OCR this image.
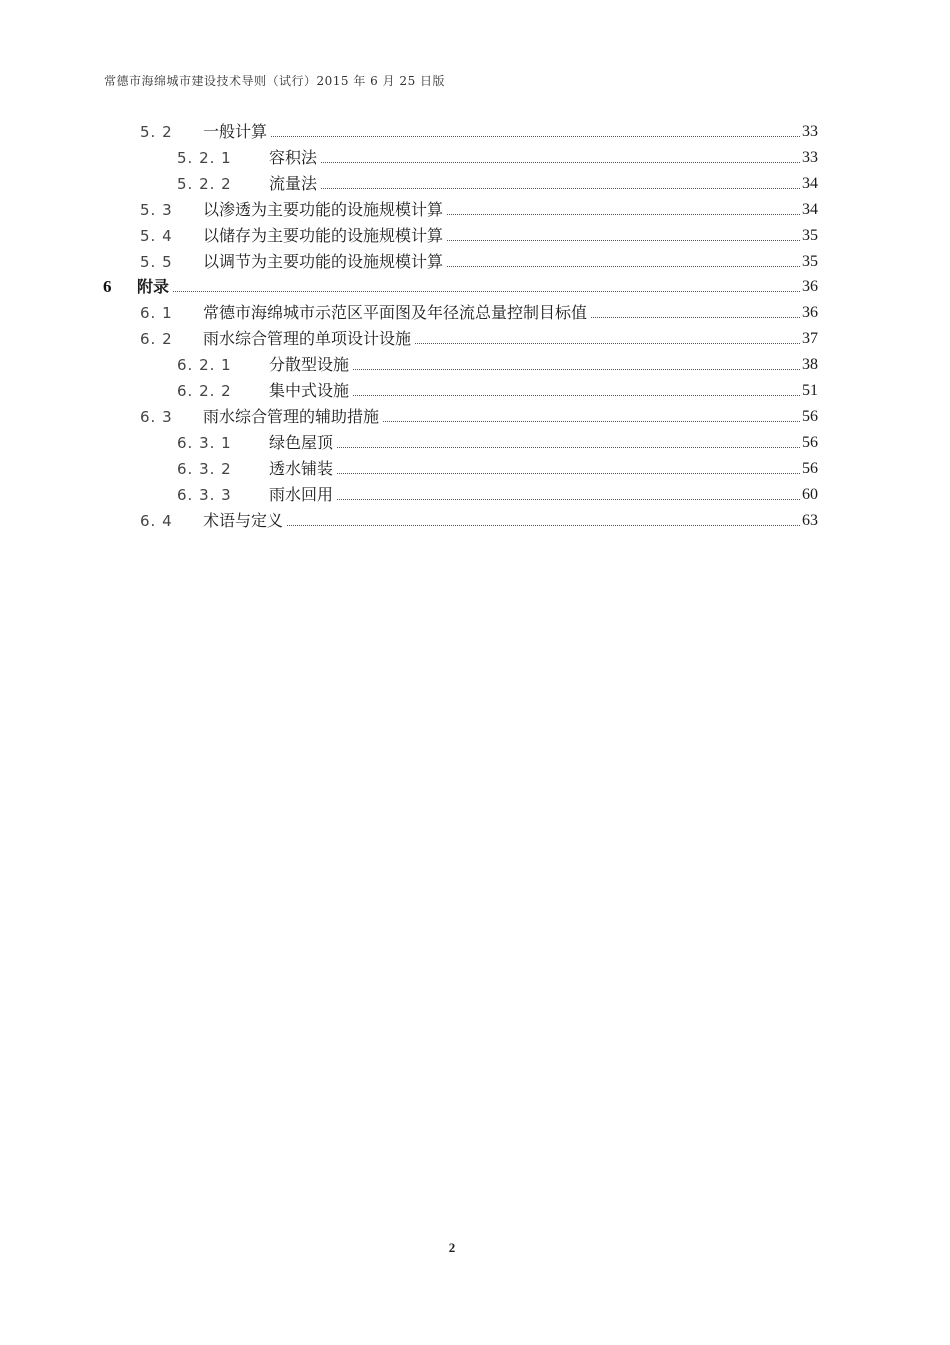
常德市海绵城市建设技术导则（试行）2015 年 6 月 25 日版
5. 2 一般计算	33
5. 2. 1 容积法	33
5. 2. 2 流量法	34
5. 3 以渗透为主要功能的设施规模计算	34
5. 4 以储存为主要功能的设施规模计算	35
5. 5 以调节为主要功能的设施规模计算	35
6 附录	36
6. 1 常德市海绵城市示范区平面图及年径流总量控制目标值	36
6. 2 雨水综合管理的单项设计设施	37
6. 2. 1 分散型设施	38
6. 2. 2 集中式设施	51
6. 3 雨水综合管理的辅助措施	56
6. 3. 1 绿色屋顶	56
6. 3. 2 透水铺装	56
6. 3. 3 雨水回用	60
6. 4 术语与定义	63
2
